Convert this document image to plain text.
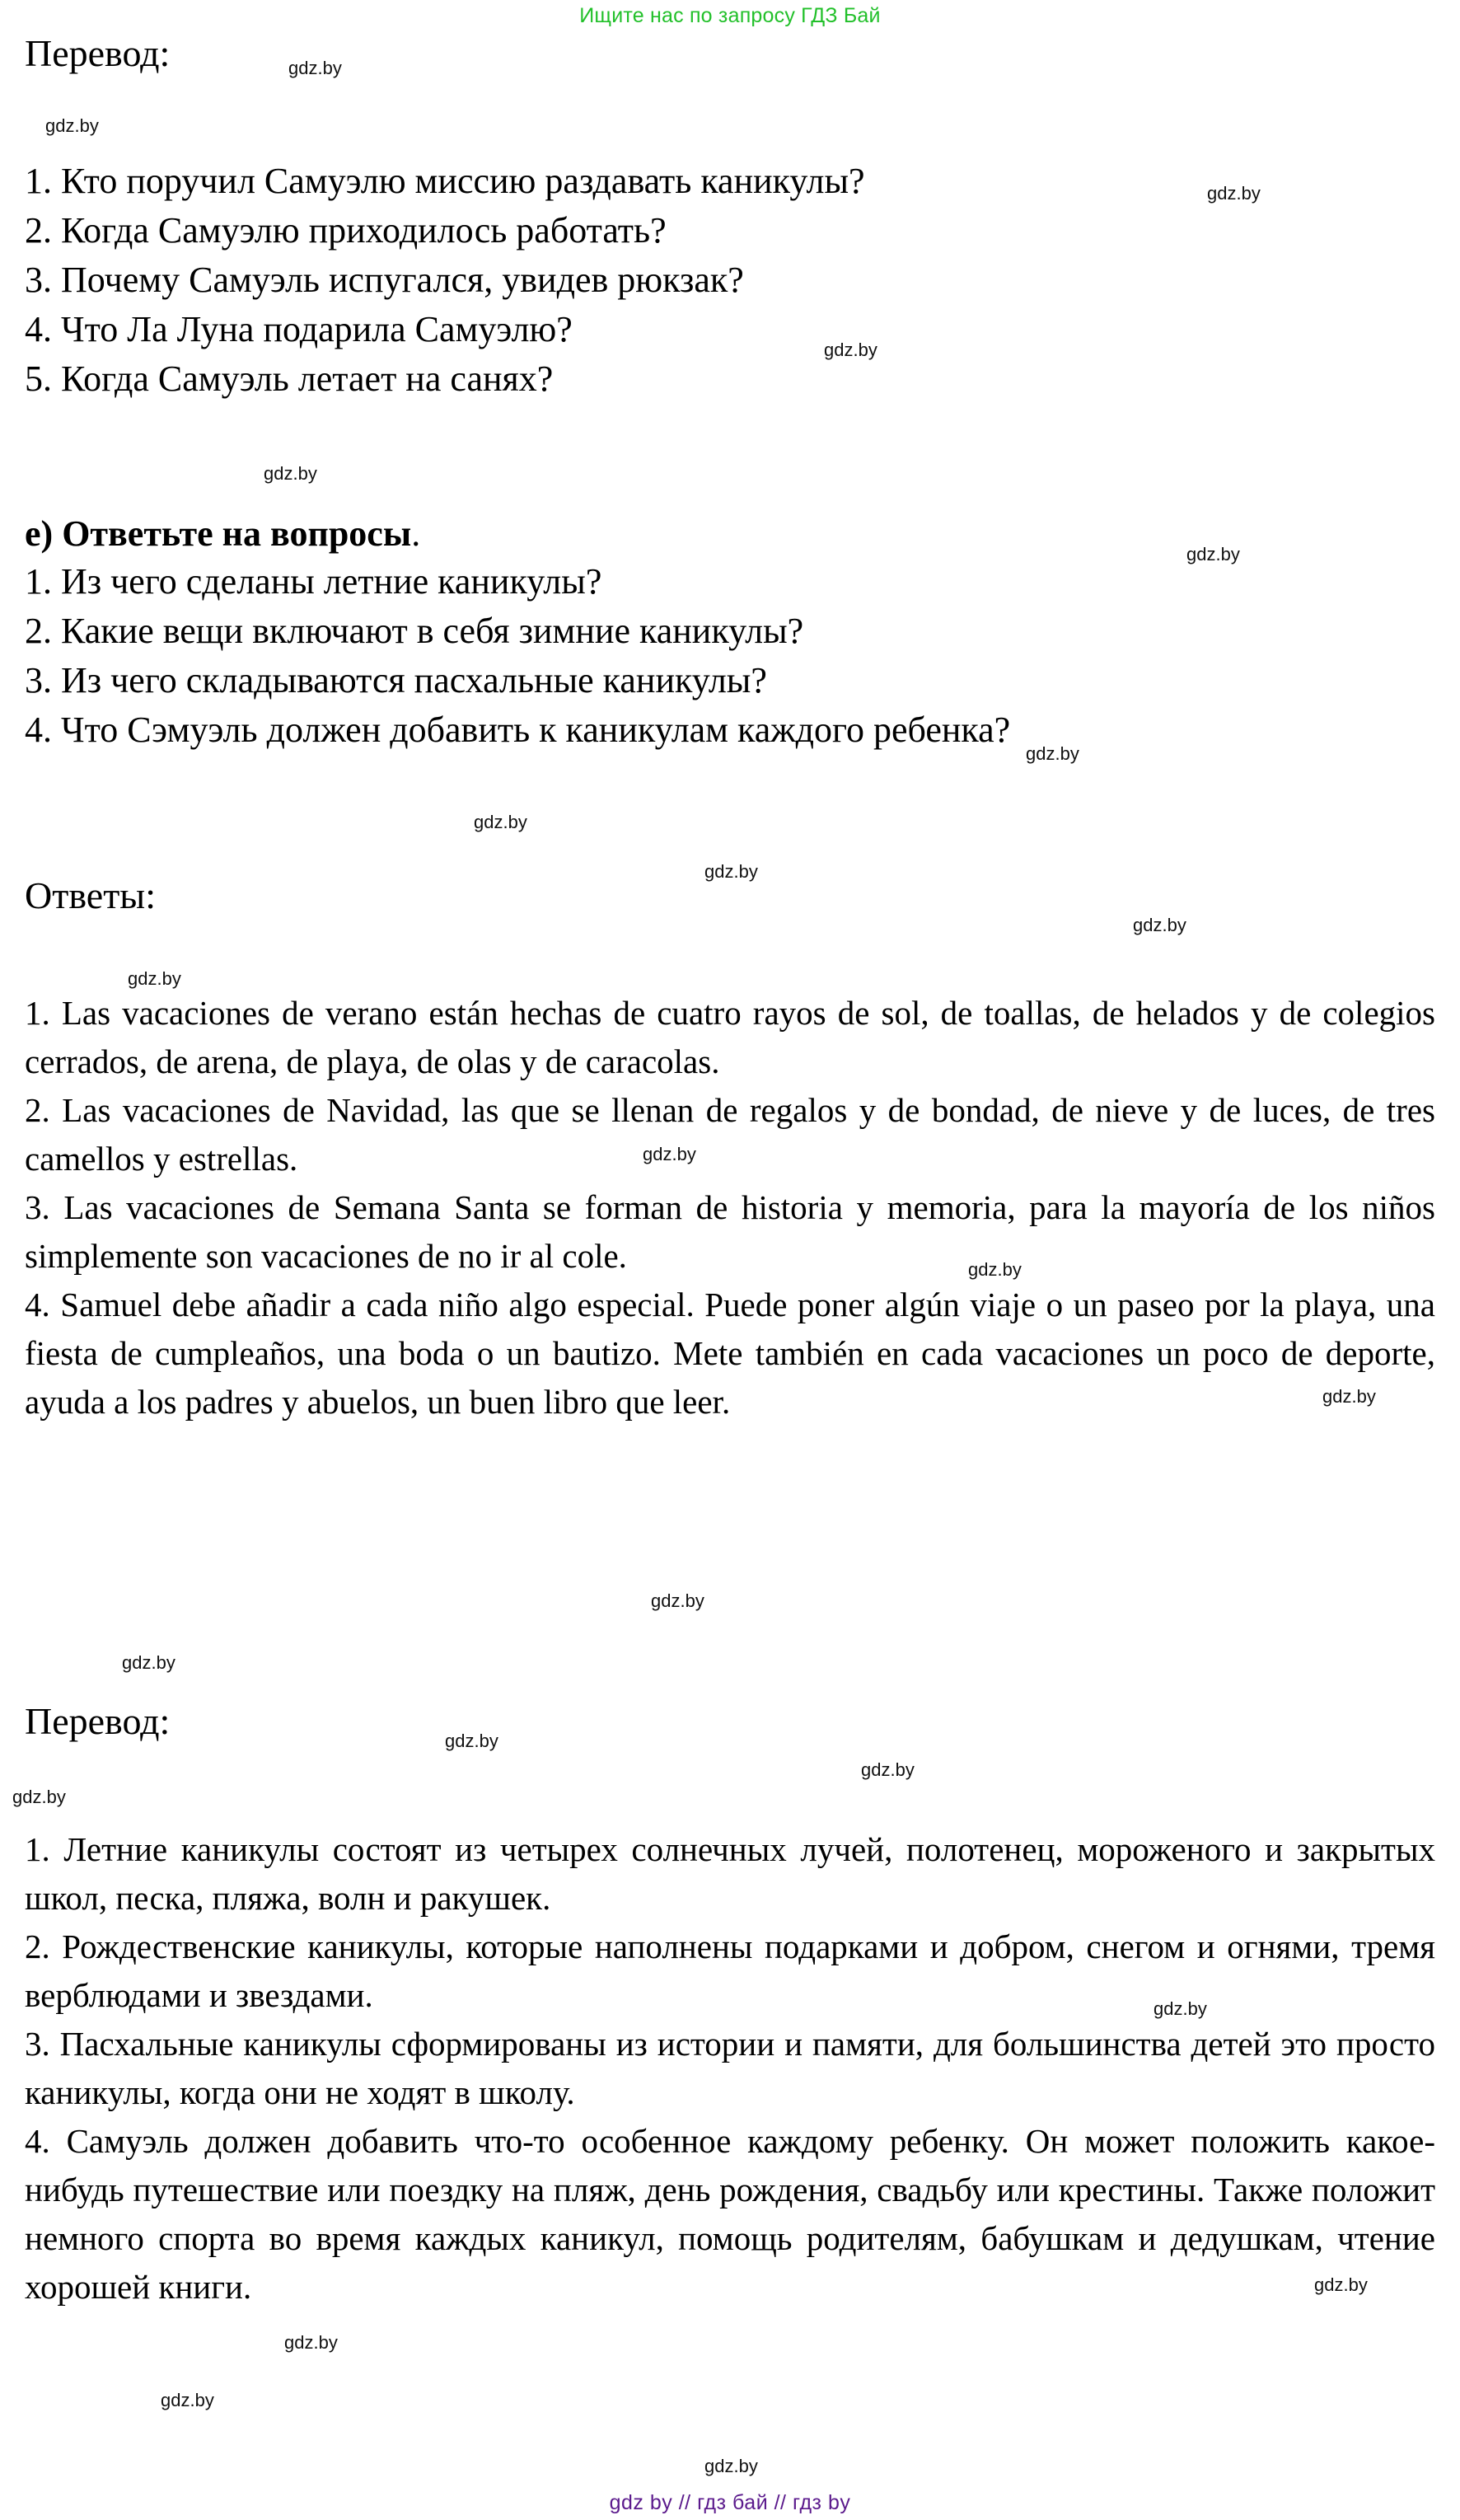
Ищите нас по запросу ГДЗ Бай
Перевод:
1. Кто поручил Самуэлю миссию раздавать каникулы?
2. Когда Самуэлю приходилось работать?
3. Почему Самуэль испугался, увидев рюкзак?
4. Что Ла Луна подарила Самуэлю?
5. Когда Самуэль летает на санях?
e) Ответьте на вопросы.
1. Из чего сделаны летние каникулы?
2. Какие вещи включают в себя зимние каникулы?
3. Из чего складываются пасхальные каникулы?
4. Что Сэмуэль должен добавить к каникулам каждого ребенка?
Ответы:

1. Las vacaciones de verano están hechas de cuatro rayos de sol, de toallas, de helados y de colegios cerrados, de arena, de playa, de olas y de caracolas.

2. Las vacaciones de Navidad, las que se llenan de regalos y de bondad, de nieve y de luces, de tres camellos y estrellas.

3. Las vacaciones de Semana Santa se forman de historia y memoria, para la mayoría de los niños simplemente son vacaciones de no ir al cole.

4. Samuel debe añadir a cada niño algo especial. Puede poner algún viaje o un paseo por la playa, una fiesta de cumpleaños, una boda o un bautizo. Mete también en cada vacaciones un poco de deporte, ayuda a los padres y abuelos, un buen libro que leer.

Перевод:

1. Летние каникулы состоят из четырех солнечных лучей, полотенец, мороженого и закрытых школ, песка, пляжа, волн и ракушек.

2. Рождественские каникулы, которые наполнены подарками и добром, снегом и огнями, тремя верблюдами и звездами.

3. Пасхальные каникулы сформированы из истории и памяти, для большинства детей это просто каникулы, когда они не ходят в школу.

4. Самуэль должен добавить что-то особенное каждому ребенку. Он может положить какое-нибудь путешествие или поездку на пляж, день рождения, свадьбу или крестины. Также положит немного спорта во время каждых каникул, помощь родителям, бабушкам и дедушкам, чтение хорошей книги.

gdz.by
gdz.by
gdz.by
gdz.by
gdz.by
gdz.by
gdz.by
gdz.by
gdz.by
gdz.by
gdz.by
gdz.by
gdz.by
gdz.by
gdz.by
gdz.by
gdz.by
gdz.by
gdz.by
gdz.by
gdz.by
gdz.by
gdz.by
gdz.by
gdz by // гдз бай // гдз by
